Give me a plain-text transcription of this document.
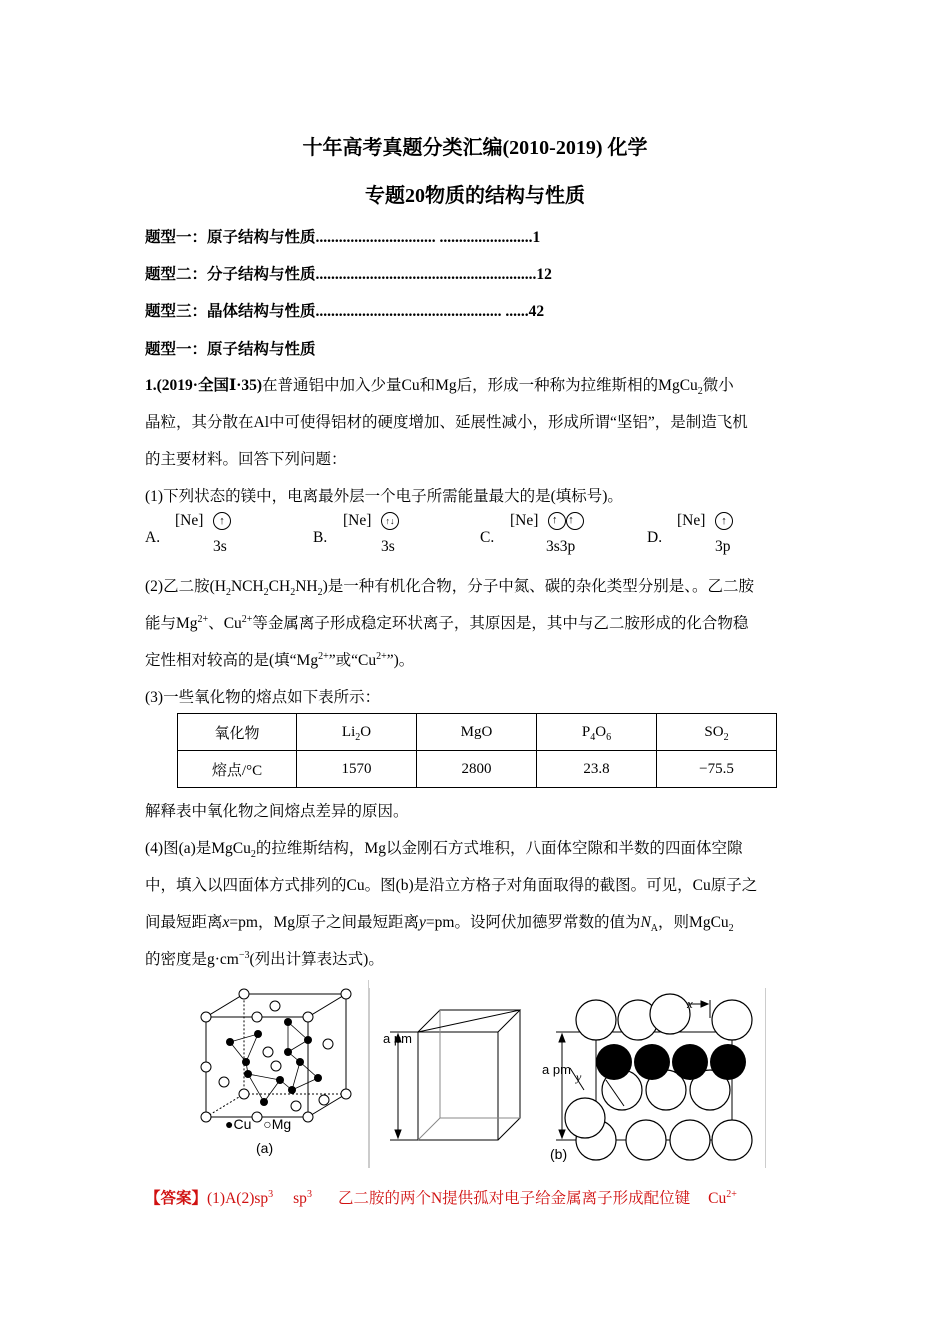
十年高考真题分类汇编(2010-2019) 化学
专题20物质的结构与性质
题型一：原子结构与性质............................... ........................1
题型二：分子结构与性质.........................................................12
题型三：晶体结构与性质................................................ ......42
题型一：原子结构与性质
1.(2019·全国Ⅰ·35)在普通铝中加入少量Cu和Mg后，形成一种称为拉维斯相的MgCu$_2$微小
晶粒，其分散在Al中可使得铝材的硬度增加、延展性减小，形成所谓“坚铝”，是制造飞机
的主要材料。回答下列问题：
(1)下列状态的镁中，电离最外层一个电子所需能量最大的是(填标号)。
A.
[Ne]	↑
3s
B.
[Ne]	↑↓
3s
C.
[Ne] ↑ ↑
3s3p
D.
[Ne]	↑
3p
(2)乙二胺$(H_2NCH_2CH_2NH_2)$是一种有机化合物，分子中氮、碳的杂化类型分别是、。乙二胺
能与$Mg^{2+}$、$Cu^{2+}$等金属离子形成稳定环状离子，其原因是，其中与乙二胺形成的化合物稳
定性相对较高的是(填“$Mg^{2+}$”或“$Cu^{2+}$”)。
(3)一些氧化物的熔点如下表所示：
氧化物	$Li_2O$	MgO	$P_4O_6$	$SO_2$
熔点/°C	1570	2800	23.8	−75.5
解释表中氧化物之间熔点差异的原因。
(4)图(a)是MgCu$_2$的拉维斯结构，Mg以金刚石方式堆积，八面体空隙和半数的四面体空隙
中，填入以四面体方式排列的Cu。图(b)是沿立方格子对角面取得的截图。可见，Cu原子之
间最短距离x=pm，Mg原子之间最短距离y=pm。设阿伏加德罗常数的值为$N_A$，则MgCu$_2$
的密度是$g\cdot cm^{-3}$(列出计算表达式)。
●Cu ○Mg
(a)
a pm
a pm
x
y
(b)
【答案】$(1)A(2)sp^3$ $sp^3$ 乙二胺的两个N提供孤对电子给金属离子形成配位键 $Cu^{2+}$
